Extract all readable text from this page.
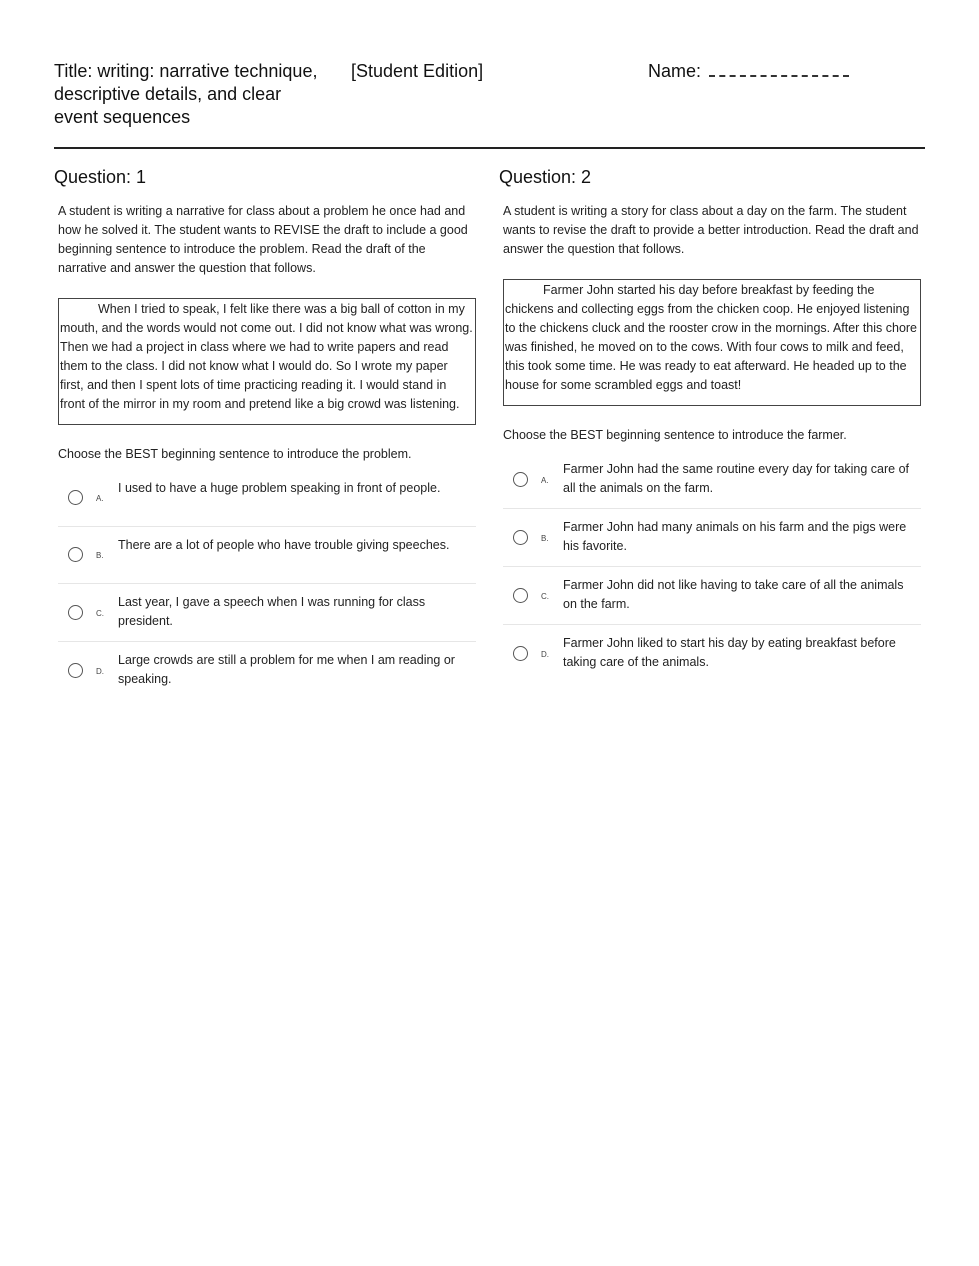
Title: writing: narrative technique, descriptive details, and clear event sequences
[Student Edition]	Name:
Question: 1
A student is writing a narrative for class about a problem he once had and how he solved it. The student wants to REVISE the draft to include a good beginning sentence to introduce the problem. Read the draft of the narrative and answer the question that follows.
When I tried to speak, I felt like there was a big ball of cotton in my mouth, and the words would not come out. I did not know what was wrong. Then we had a project in class where we had to write papers and read them to the class. I did not know what I would do. So I wrote my paper first, and then I spent lots of time practicing reading it. I would stand in front of the mirror in my room and pretend like a big crowd was listening.
Choose the BEST beginning sentence to introduce the problem.
A.
I used to have a huge problem speaking in front of people.
B.
There are a lot of people who have trouble giving speeches.
C.
Last year, I gave a speech when I was running for class president.
D.
Large crowds are still a problem for me when I am reading or speaking.
Question: 2
A student is writing a story for class about a day on the farm. The student wants to revise the draft to provide a better introduction. Read the draft and answer the question that follows.
Farmer John started his day before breakfast by feeding the chickens and collecting eggs from the chicken coop. He enjoyed listening to the chickens cluck and the rooster crow in the mornings. After this chore was finished, he moved on to the cows. With four cows to milk and feed, this took some time. He was ready to eat afterward. He headed up to the house for some scrambled eggs and toast!
Choose the BEST beginning sentence to introduce the farmer.
A.
Farmer John had the same routine every day for taking care of all the animals on the farm.
B.
Farmer John had many animals on his farm and the pigs were his favorite.
C.
Farmer John did not like having to take care of all the animals on the farm.
D.
Farmer John liked to start his day by eating breakfast before taking care of the animals.
